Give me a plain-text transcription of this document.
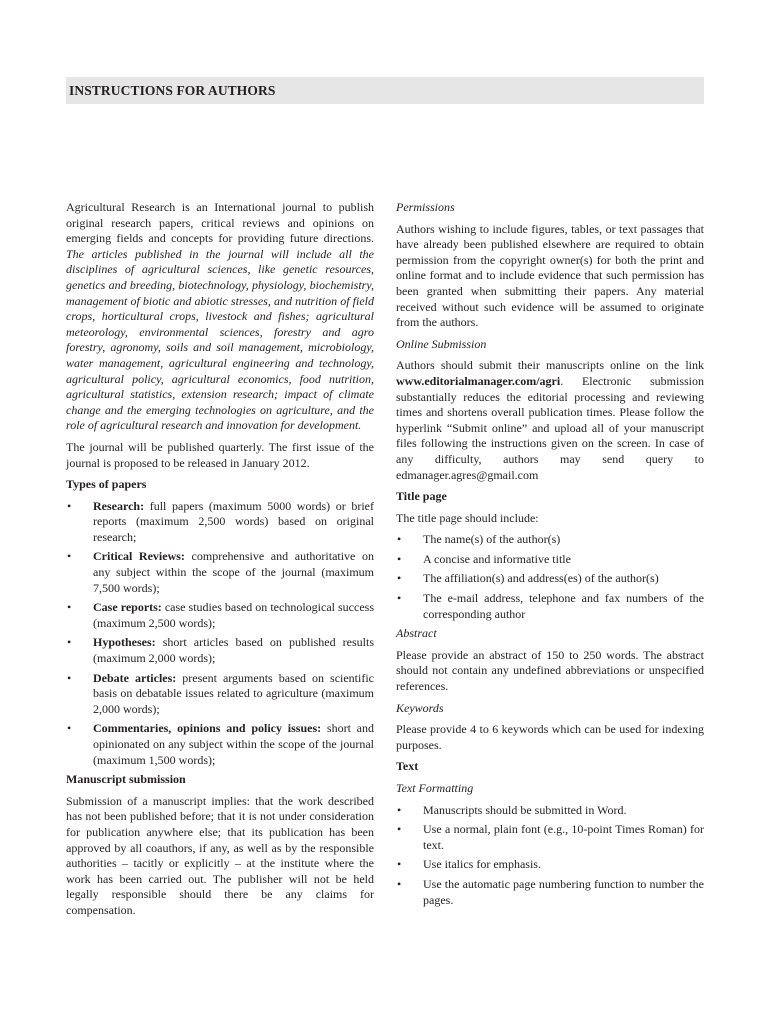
INSTRUCTIONS FOR AUTHORS

Agricultural Research is an International journal to publish original research papers, critical reviews and opinions on emerging fields and concepts for providing future directions. The articles published in the journal will include all the disciplines of agricultural sciences, like genetic resources, genetics and breeding, biotechnology, physiology, biochemistry, management of biotic and abiotic stresses, and nutrition of field crops, horticultural crops, livestock and fishes; agricultural meteorology, environmental sciences, forestry and agro forestry, agronomy, soils and soil management, microbiology, water management, agricultural engineering and technology, agricultural policy, agricultural economics, food nutrition, agricultural statistics, extension research; impact of climate change and the emerging technologies on agriculture, and the role of agricultural research and innovation for development.

The journal will be published quarterly. The first issue of the journal is proposed to be released in January 2012.

Types of papers
• Research: full papers (maximum 5000 words) or brief reports (maximum 2,500 words) based on original research;
• Critical Reviews: comprehensive and authoritative on any subject within the scope of the journal (maximum 7,500 words);
• Case reports: case studies based on technological success (maximum 2,500 words);
• Hypotheses: short articles based on published results (maximum 2,000 words);
• Debate articles: present arguments based on scientific basis on debatable issues related to agriculture (maximum 2,000 words);
• Commentaries, opinions and policy issues: short and opinionated on any subject within the scope of the journal (maximum 1,500 words);
Manuscript submission

Submission of a manuscript implies: that the work described has not been published before; that it is not under consideration for publication anywhere else; that its publication has been approved by all coauthors, if any, as well as by the responsible authorities – tacitly or explicitly – at the institute where the work has been carried out. The publisher will not be held legally responsible should there be any claims for compensation.

Permissions

Authors wishing to include figures, tables, or text passages that have already been published elsewhere are required to obtain permission from the copyright owner(s) for both the print and online format and to include evidence that such permission has been granted when submitting their papers. Any material received without such evidence will be assumed to originate from the authors.

Online Submission

Authors should submit their manuscripts online on the link www.editorialmanager.com/agri. Electronic submission substantially reduces the editorial processing and reviewing times and shortens overall publication times. Please follow the hyperlink “Submit online” and upload all of your manuscript files following the instructions given on the screen. In case of any difficulty, authors may send query to edmanager.agres@gmail.com

Title page

The title page should include:

• The name(s) of the author(s)
• A concise and informative title
• The affiliation(s) and address(es) of the author(s)
• The e-mail address, telephone and fax numbers of the corresponding author
Abstract

Please provide an abstract of 150 to 250 words. The abstract should not contain any undefined abbreviations or unspecified references.

Keywords

Please provide 4 to 6 keywords which can be used for indexing purposes.

Text
Text Formatting
• Manuscripts should be submitted in Word.
• Use a normal, plain font (e.g., 10-point Times Roman) for text.
• Use italics for emphasis.
• Use the automatic page numbering function to number the pages.
